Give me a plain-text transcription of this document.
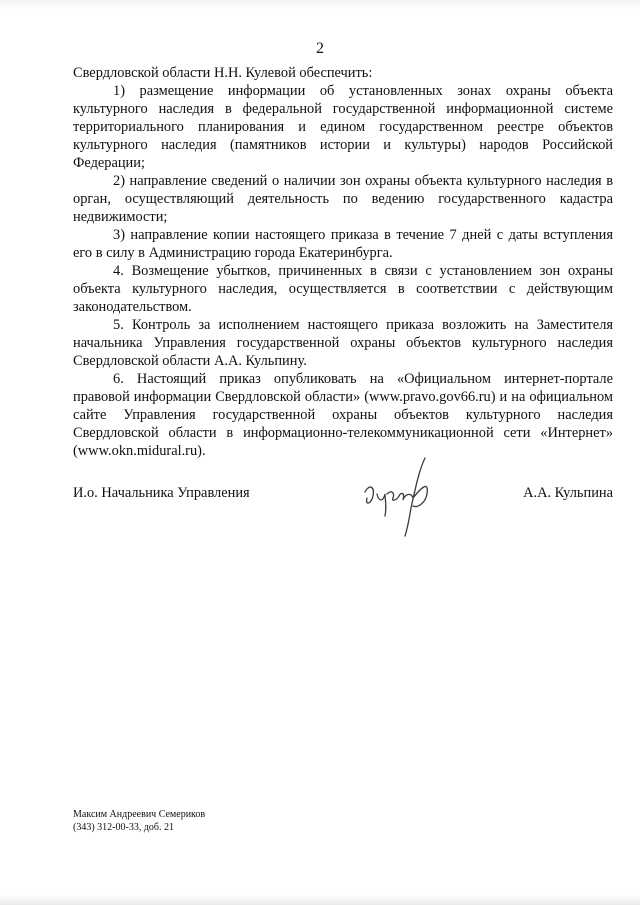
2

Свердловской области Н.Н. Кулевой обеспечить:

1) размещение информации об установленных зонах охраны объекта культурного наследия в федеральной государственной информационной системе территориального планирования и едином государственном реестре объектов культурного наследия (памятников истории и культуры) народов Российской Федерации;

2) направление сведений о наличии зон охраны объекта культурного наследия в орган, осуществляющий деятельность по ведению государственного кадастра недвижимости;

3) направление копии настоящего приказа в течение 7 дней с даты вступления его в силу в Администрацию города Екатеринбурга.

4. Возмещение убытков, причиненных в связи с установлением зон охраны объекта культурного наследия, осуществляется в соответствии с действующим законодательством.

5. Контроль за исполнением настоящего приказа возложить на Заместителя начальника Управления государственной охраны объектов культурного наследия Свердловской области А.А. Кульпину.

6. Настоящий приказ опубликовать на «Официальном интернет-портале правовой информации Свердловской области» (www.pravo.gov66.ru) и на официальном сайте Управления государственной охраны объектов культурного наследия Свердловской области в информационно-телекоммуникационной сети «Интернет» (www.okn.midural.ru).

И.о. Начальника Управления	А.А. Кульпина
Максим Андреевич Семериков
(343) 312-00-33, доб. 21
